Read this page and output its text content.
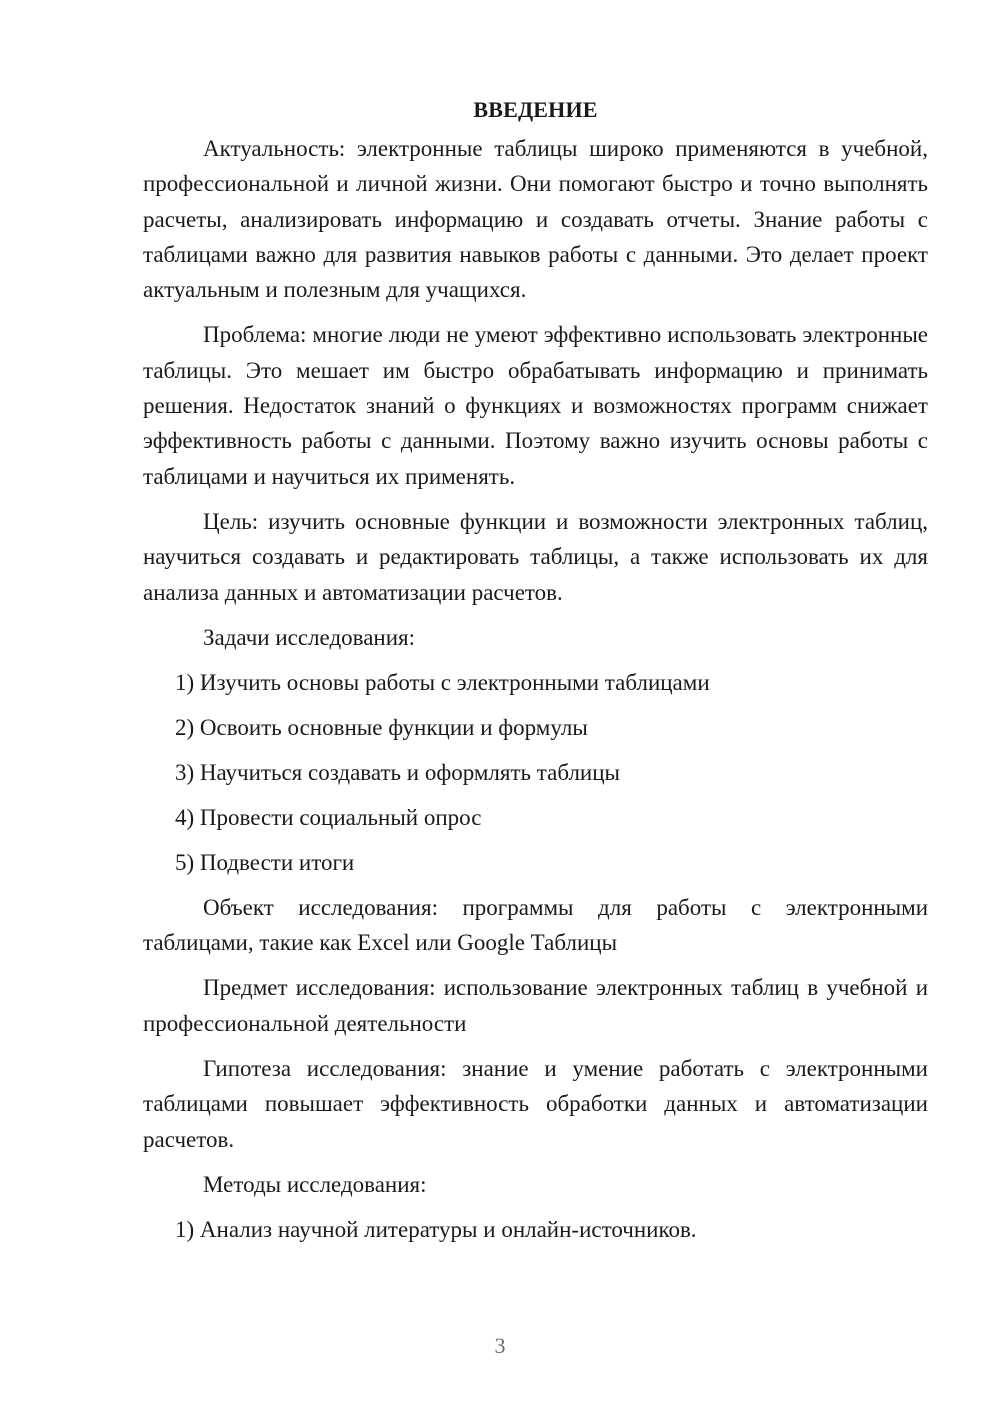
ВВЕДЕНИЕ

Актуальность: электронные таблицы широко применяются в учебной, профессиональной и личной жизни. Они помогают быстро и точно выполнять расчеты, анализировать информацию и создавать отчеты. Знание работы с таблицами важно для развития навыков работы с данными. Это делает проект актуальным и полезным для учащихся.

Проблема: многие люди не умеют эффективно использовать электронные таблицы. Это мешает им быстро обрабатывать информацию и принимать решения. Недостаток знаний о функциях и возможностях программ снижает эффективность работы с данными. Поэтому важно изучить основы работы с таблицами и научиться их применять.

Цель: изучить основные функции и возможности электронных таблиц, научиться создавать и редактировать таблицы, а также использовать их для анализа данных и автоматизации расчетов.

Задачи исследования:
1) Изучить основы работы с электронными таблицами
2) Освоить основные функции и формулы
3) Научиться создавать и оформлять таблицы
4) Провести социальный опрос
5) Подвести итоги

Объект исследования: программы для работы с электронными таблицами, такие как Excel или Google Таблицы

Предмет исследования: использование электронных таблиц в учебной и профессиональной деятельности

Гипотеза исследования: знание и умение работать с электронными таблицами повышает эффективность обработки данных и автоматизации расчетов.

Методы исследования:
1) Анализ научной литературы и онлайн-источников.
3
